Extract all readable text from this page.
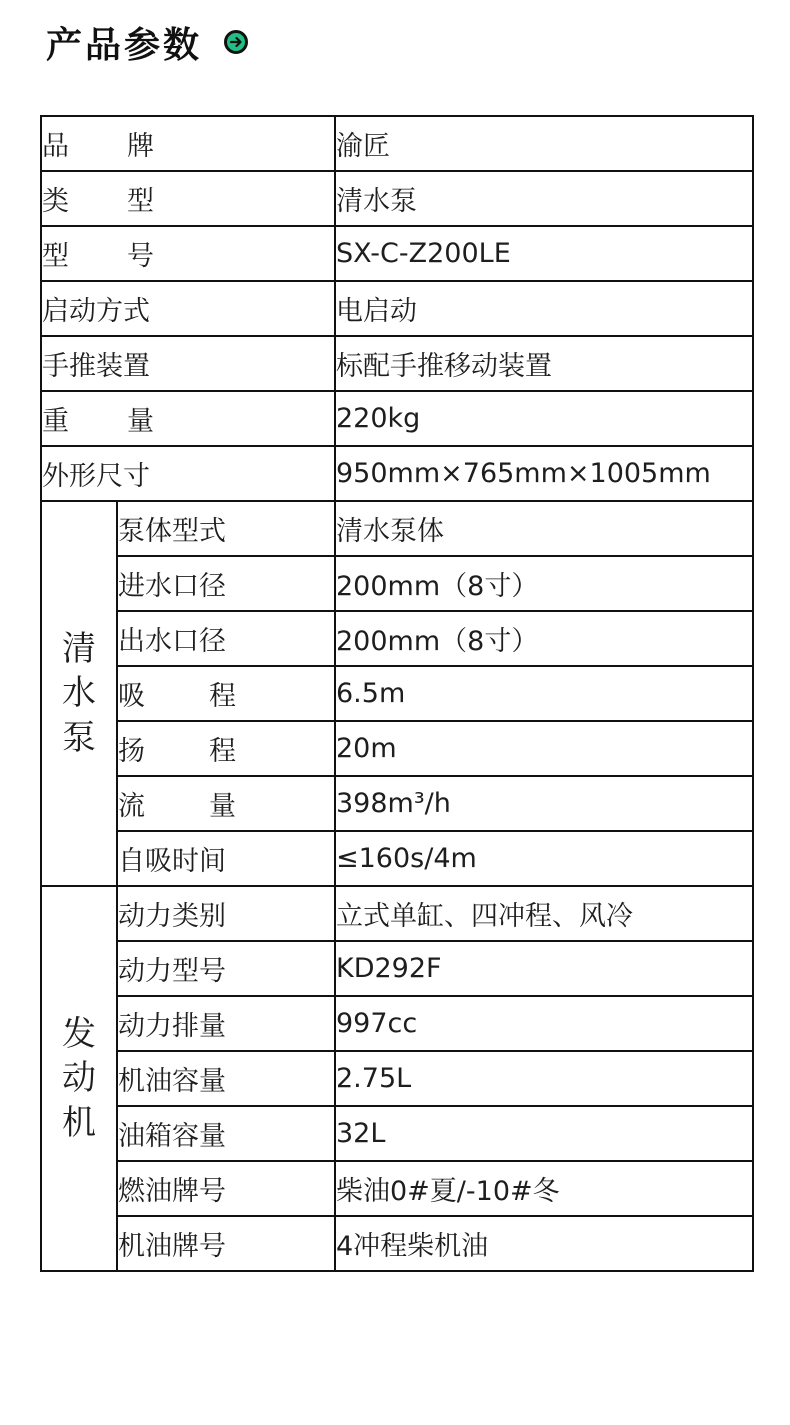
产品参数
品 牌		渝匠

类 型		清水泵

型 号		SX-C-Z200LE
启动方式		电启动
手推装置		标配手推移动装置

重 量		220kg
外形尺寸		950mm×765mm×1005mm

清
水
泵	泵体型式	清水泵体
	进水口径	200mm（8寸）
	出水口径	200mm（8寸）

	吸 程	6.5m

	扬 程	20m

	流 量	398m³/h
	自吸时间	≤160s/4m

发
动
机	动力类别	立式单缸、四冲程、风冷
	动力型号	KD292F
	动力排量	997cc
	机油容量	2.75L
	油箱容量	32L
	燃油牌号	柴油0#夏/-10#冬
	机油牌号	4冲程柴机油
